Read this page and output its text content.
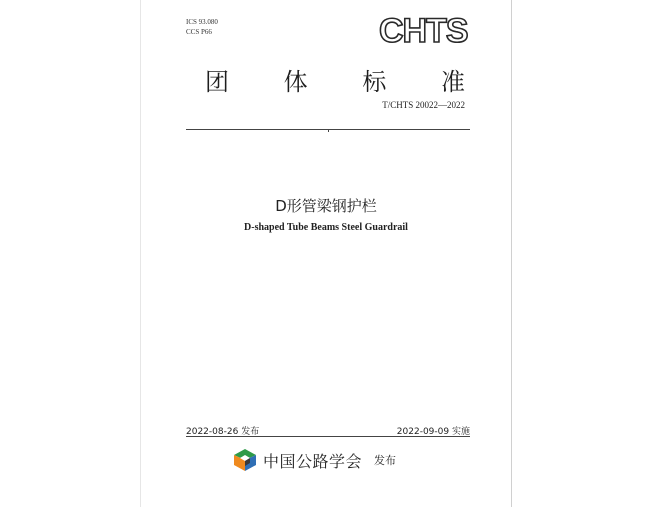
ICS 93.080
CCS P66	CHTS
团 体 标 准
T/CHTS 20022—2022
D形管梁钢护栏
D-shaped Tube Beams Steel Guardrail
2022-08-26 发布	2022-09-09 实施
中国公路学会 发布
